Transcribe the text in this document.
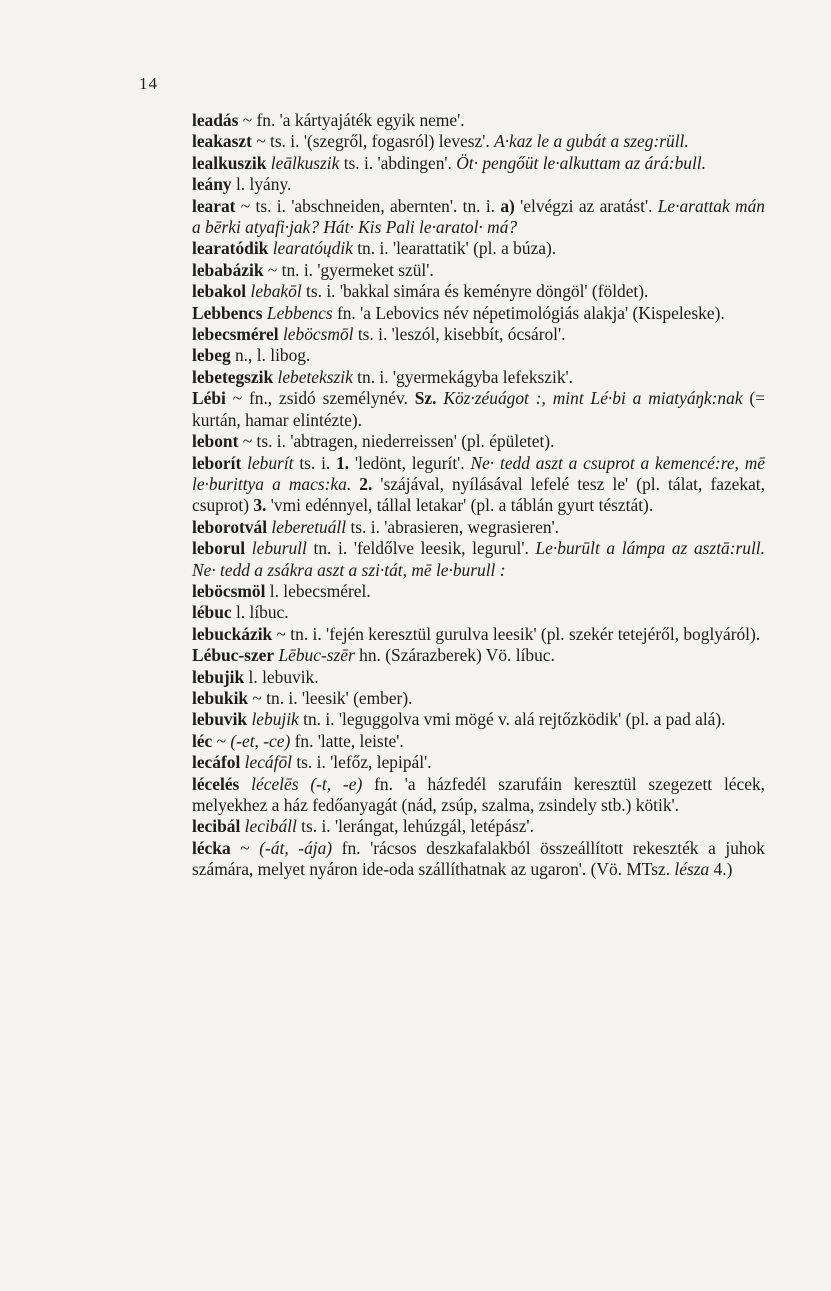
14

leadás ~ fn. 'a kártyajáték egyik neme'.

leakaszt ~ ts. i. '(szegről, fogasról) levesz'. A·kaz le a gubát a szeg:rüll.

lealkuszik leālkuszik ts. i. 'abdingen'. Öt· pengőüt le·alkuttam az árá:bull.

leány l. lyány.

learat ~ ts. i. 'abschneiden, abernten'. tn. i. a) 'elvégzi az aratást'. Le·arattak mán a bērki atyafi·jak? Hát· Kis Pali le·aratol· má?

learatódik learatóųdik tn. i. 'learattatik' (pl. a búza).

lebabázik ~ tn. i. 'gyermeket szül'.

lebakol lebakōl ts. i. 'bakkal simára és keményre döngöl' (földet).

Lebbencs Lebbencs fn. 'a Lebovics név népetimológiás alakja' (Kispeleske).

lebecsmérel leböcsmōl ts. i. 'leszól, kisebbít, ócsárol'.

lebeg n., l. libog.

lebetegszik lebetekszik tn. i. 'gyermekágyba lefekszik'.

Lébi ~ fn., zsidó személynév. Sz. Köz·zéuágot :, mint Lé·bi a miatyáŋk:nak (= kurtán, hamar elintézte).

lebont ~ ts. i. 'abtragen, niederreissen' (pl. épületet).

leborít leburít ts. i. 1. 'ledönt, legurít'. Ne· tedd aszt a csuprot a kemencé:re, mē le·burittya a macs:ka. 2. 'szájával, nyílásával lefelé tesz le' (pl. tálat, fazekat, csuprot) 3. 'vmi edénnyel, tállal letakar' (pl. a táblán gyurt tésztát).

leborotvál leberetuáll ts. i. 'abrasieren, wegrasieren'.

leborul leburull tn. i. 'feldőlve leesik, legurul'. Le·burūlt a lámpa az asztā:rull. Ne· tedd a zsákra aszt a szi·tát, mē le·burull :

leböcsmöl l. lebecsmérel.

lébuc l. líbuc.

lebuckázik ~ tn. i. 'fején keresztül gurulva leesik' (pl. szekér tetejéről, boglyáról).

Lébuc-szer Lēbuc-szēr hn. (Szárazberek) Vö. líbuc.

lebujik l. lebuvik.

lebukik ~ tn. i. 'leesik' (ember).

lebuvik lebujik tn. i. 'leguggolva vmi mögé v. alá rejtőzködik' (pl. a pad alá).

léc ~ (-et, -ce) fn. 'latte, leiste'.

lecáfol lecáfōl ts. i. 'lefőz, lepipál'.

lécelés lécelēs (-t, -e) fn. 'a házfedél szarufáin keresztül szegezett lécek, melyekhez a ház fedőanyagát (nád, zsúp, szalma, zsindely stb.) kötik'.

lecibál lecibáll ts. i. 'lerángat, lehúzgál, letépász'.

lécka ~ (-át, -ája) fn. 'rácsos deszkafalakból összeállított rekeszték a juhok számára, melyet nyáron ide-oda szállíthatnak az ugaron'. (Vö. MTsz. lésza 4.)
